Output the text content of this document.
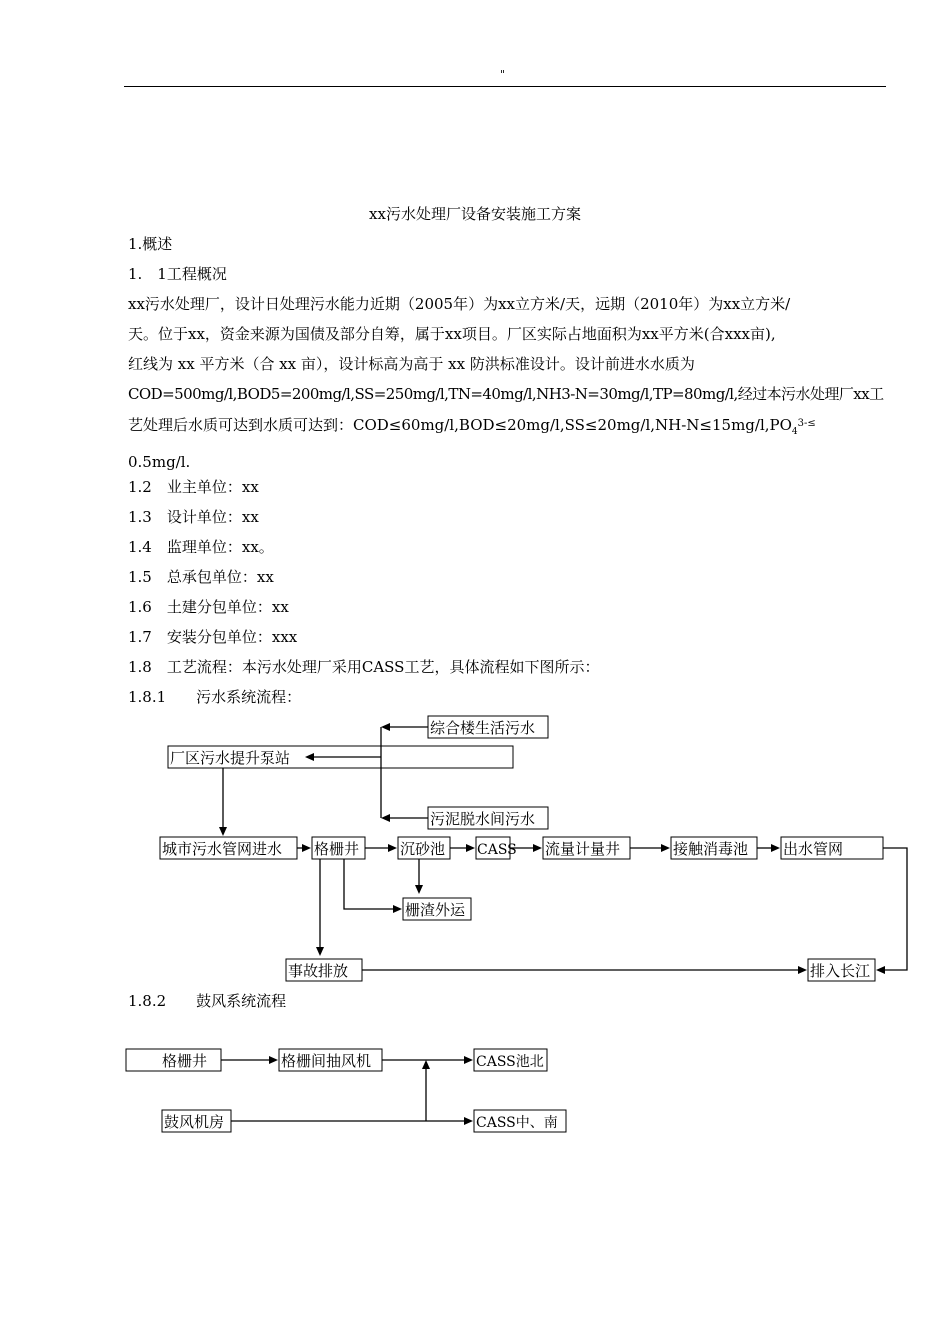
"
xx污水处理厂设备安装施工方案
1.概述
1.　1工程概况
xx污水处理厂，设计日处理污水能力近期（2005年）为xx立方米/天，远期（2010年）为xx立方米/
天。位于xx，资金来源为国债及部分自筹，属于xx项目。厂区实际占地面积为xx平方米(合xxx亩),
红线为 xx 平方米（合 xx 亩），设计标高为高于 xx 防洪标准设计。设计前进水水质为
COD=500mg/l,BOD5=200mg/l,SS=250mg/l,TN=40mg/l,NH3-N=30mg/l,TP=80mg/l,经过本污水处理厂xx工
艺处理后水质可达到水质可达到：$COD\le 60mg/l,BOD\le 20mg/l,SS\le 20mg/l,NH-N\le 15mg/l,PO_4^{3-\le}$
0.5mg/l.
1.2　业主单位：xx
1.3　设计单位：xx
1.4　监理单位：xx。
1.5　总承包单位：xx
1.6　土建分包单位：xx
1.7　安装分包单位：xxx
1.8　工艺流程：本污水处理厂采用CASS工艺，具体流程如下图所示：
1.8.1　　污水系统流程：
1.8.2　　鼓风系统流程
综合楼生活污水
厂区污水提升泵站
污泥脱水间污水
城市污水管网进水 格栅井	沉砂池 CASS 流量计量井	接触消毒池 出水管网
栅渣外运
事故排放	排入长江
格栅井	格栅间抽风机	CASS池北
鼓风机房	CASS中、南
